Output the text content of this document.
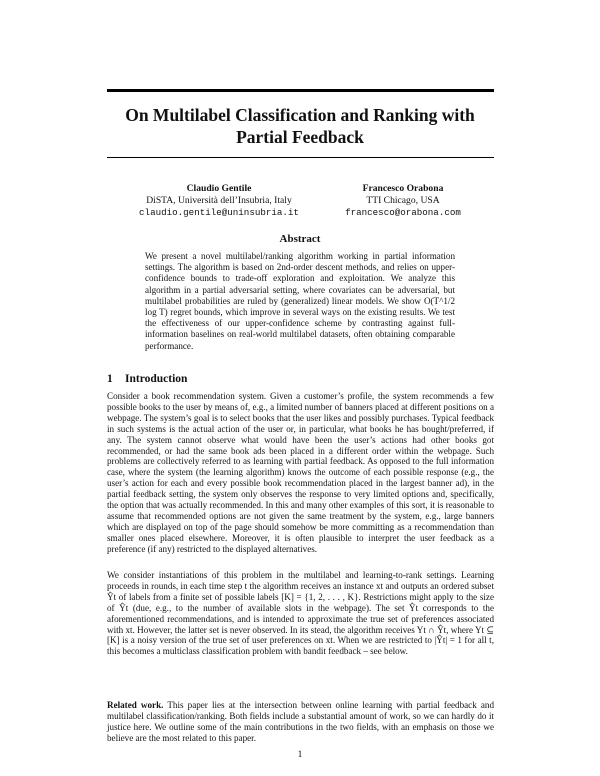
On Multilabel Classification and Ranking with Partial Feedback
Claudio Gentile
DiSTA, Università dell’Insubria, Italy
claudio.gentile@uninsubria.it
Francesco Orabona
TTI Chicago, USA
francesco@orabona.com
Abstract

We present a novel multilabel/ranking algorithm working in partial information settings. The algorithm is based on 2nd-order descent methods, and relies on upper-confidence bounds to trade-off exploration and exploitation. We analyze this algorithm in a partial adversarial setting, where covariates can be adversarial, but multilabel probabilities are ruled by (generalized) linear models. We show O(T^1/2 log T) regret bounds, which improve in several ways on the existing results. We test the effectiveness of our upper-confidence scheme by contrasting against full-information baselines on real-world multilabel datasets, often obtaining comparable performance.

1 Introduction

Consider a book recommendation system. Given a customer’s profile, the system recommends a few possible books to the user by means of, e.g., a limited number of banners placed at different positions on a webpage. The system’s goal is to select books that the user likes and possibly purchases. Typical feedback in such systems is the actual action of the user or, in particular, what books he has bought/preferred, if any. The system cannot observe what would have been the user’s actions had other books got recommended, or had the same book ads been placed in a different order within the webpage. Such problems are collectively referred to as learning with partial feedback. As opposed to the full information case, where the system (the learning algorithm) knows the outcome of each possible response (e.g., the user’s action for each and every possible book recommendation placed in the largest banner ad), in the partial feedback setting, the system only observes the response to very limited options and, specifically, the option that was actually recommended. In this and many other examples of this sort, it is reasonable to assume that recommended options are not given the same treatment by the system, e.g., large banners which are displayed on top of the page should somehow be more committing as a recommendation than smaller ones placed elsewhere. Moreover, it is often plausible to interpret the user feedback as a preference (if any) restricted to the displayed alternatives.

We consider instantiations of this problem in the multilabel and learning-to-rank settings. Learning proceeds in rounds, in each time step t the algorithm receives an instance xt and outputs an ordered subset Ŷt of labels from a finite set of possible labels [K] = {1, 2, . . . , K}. Restrictions might apply to the size of Ŷt (due, e.g., to the number of available slots in the webpage). The set Ŷt corresponds to the aforementioned recommendations, and is intended to approximate the true set of preferences associated with xt. However, the latter set is never observed. In its stead, the algorithm receives Yt ∩ Ŷt, where Yt ⊆ [K] is a noisy version of the true set of user preferences on xt. When we are restricted to |Ŷt| = 1 for all t, this becomes a multiclass classification problem with bandit feedback – see below.

Related work. This paper lies at the intersection between online learning with partial feedback and multilabel classification/ranking. Both fields include a substantial amount of work, so we can hardly do it justice here. We outline some of the main contributions in the two fields, with an emphasis on those we believe are the most related to this paper.

1
